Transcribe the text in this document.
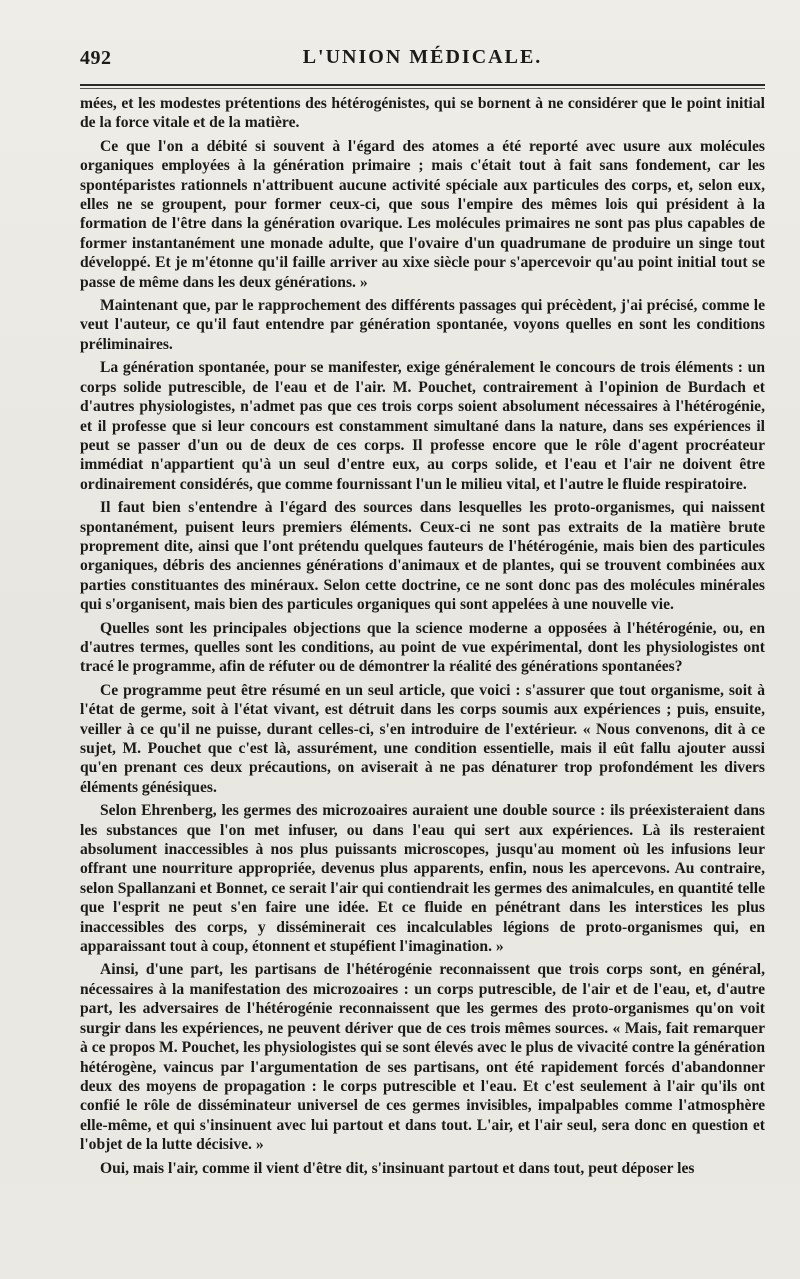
492	L'UNION MÉDICALE.

mées, et les modestes prétentions des hétérogénistes, qui se bornent à ne considérer que le point initial de la force vitale et de la matière.

Ce que l'on a débité si souvent à l'égard des atomes a été reporté avec usure aux molécules organiques employées à la génération primaire ; mais c'était tout à fait sans fondement, car les spontéparistes rationnels n'attribuent aucune activité spéciale aux particules des corps, et, selon eux, elles ne se groupent, pour former ceux-ci, que sous l'empire des mêmes lois qui président à la formation de l'être dans la génération ovarique. Les molécules primaires ne sont pas plus capables de former instantanément une monade adulte, que l'ovaire d'un quadrumane de produire un singe tout développé. Et je m'étonne qu'il faille arriver au xixe siècle pour s'apercevoir qu'au point initial tout se passe de même dans les deux générations. »

Maintenant que, par le rapprochement des différents passages qui précèdent, j'ai précisé, comme le veut l'auteur, ce qu'il faut entendre par génération spontanée, voyons quelles en sont les conditions préliminaires.

La génération spontanée, pour se manifester, exige généralement le concours de trois éléments : un corps solide putrescible, de l'eau et de l'air. M. Pouchet, contrairement à l'opinion de Burdach et d'autres physiologistes, n'admet pas que ces trois corps soient absolument nécessaires à l'hétérogénie, et il professe que si leur concours est constamment simultané dans la nature, dans ses expériences il peut se passer d'un ou de deux de ces corps. Il professe encore que le rôle d'agent procréateur immédiat n'appartient qu'à un seul d'entre eux, au corps solide, et l'eau et l'air ne doivent être ordinairement considérés, que comme fournissant l'un le milieu vital, et l'autre le fluide respiratoire.

Il faut bien s'entendre à l'égard des sources dans lesquelles les proto-organismes, qui naissent spontanément, puisent leurs premiers éléments. Ceux-ci ne sont pas extraits de la matière brute proprement dite, ainsi que l'ont prétendu quelques fauteurs de l'hétérogénie, mais bien des particules organiques, débris des anciennes générations d'animaux et de plantes, qui se trouvent combinées aux parties constituantes des minéraux. Selon cette doctrine, ce ne sont donc pas des molécules minérales qui s'organisent, mais bien des particules organiques qui sont appelées à une nouvelle vie.

Quelles sont les principales objections que la science moderne a opposées à l'hétérogénie, ou, en d'autres termes, quelles sont les conditions, au point de vue expérimental, dont les physiologistes ont tracé le programme, afin de réfuter ou de démontrer la réalité des générations spontanées?

Ce programme peut être résumé en un seul article, que voici : s'assurer que tout organisme, soit à l'état de germe, soit à l'état vivant, est détruit dans les corps soumis aux expériences ; puis, ensuite, veiller à ce qu'il ne puisse, durant celles-ci, s'en introduire de l'extérieur. « Nous convenons, dit à ce sujet, M. Pouchet que c'est là, assurément, une condition essentielle, mais il eût fallu ajouter aussi qu'en prenant ces deux précautions, on aviserait à ne pas dénaturer trop profondément les divers éléments génésiques.

Selon Ehrenberg, les germes des microzoaires auraient une double source : ils préexisteraient dans les substances que l'on met infuser, ou dans l'eau qui sert aux expériences. Là ils resteraient absolument inaccessibles à nos plus puissants microscopes, jusqu'au moment où les infusions leur offrant une nourriture appropriée, devenus plus apparents, enfin, nous les apercevons. Au contraire, selon Spallanzani et Bonnet, ce serait l'air qui contiendrait les germes des animalcules, en quantité telle que l'esprit ne peut s'en faire une idée. Et ce fluide en pénétrant dans les interstices les plus inaccessibles des corps, y disséminerait ces incalculables légions de proto-organismes qui, en apparaissant tout à coup, étonnent et stupéfient l'imagination. »

Ainsi, d'une part, les partisans de l'hétérogénie reconnaissent que trois corps sont, en général, nécessaires à la manifestation des microzoaires : un corps putrescible, de l'air et de l'eau, et, d'autre part, les adversaires de l'hétérogénie reconnaissent que les germes des proto-organismes qu'on voit surgir dans les expériences, ne peuvent dériver que de ces trois mêmes sources. « Mais, fait remarquer à ce propos M. Pouchet, les physiologistes qui se sont élevés avec le plus de vivacité contre la génération hétérogène, vaincus par l'argumentation de ses partisans, ont été rapidement forcés d'abandonner deux des moyens de propagation : le corps putrescible et l'eau. Et c'est seulement à l'air qu'ils ont confié le rôle de disséminateur universel de ces germes invisibles, impalpables comme l'atmosphère elle-même, et qui s'insinuent avec lui partout et dans tout. L'air, et l'air seul, sera donc en question et l'objet de la lutte décisive. »

Oui, mais l'air, comme il vient d'être dit, s'insinuant partout et dans tout, peut déposer les
